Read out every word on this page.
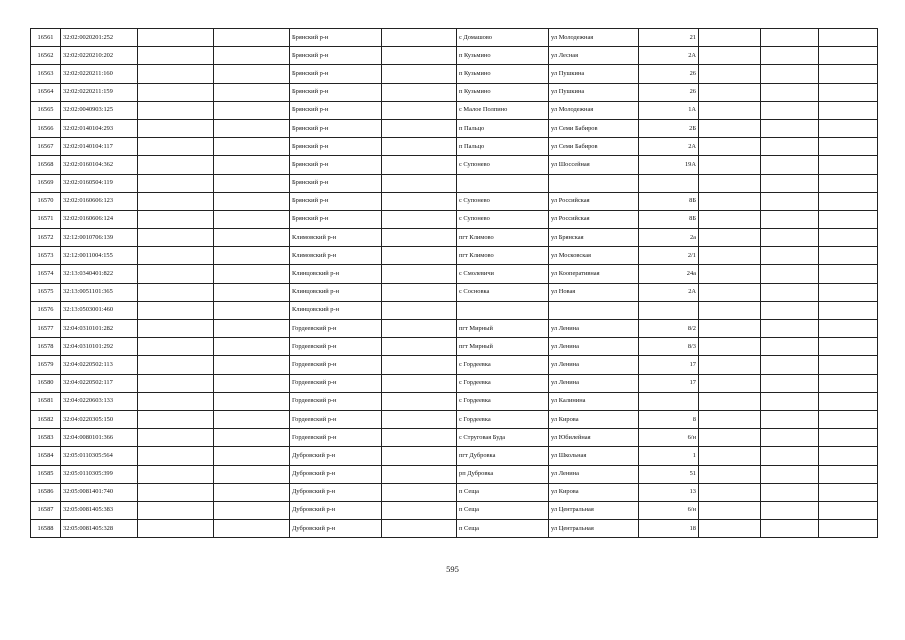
16561	32:02:0020201:252			Брянский р-н		с Домашово	ул Молодежная	21			
16562	32:02:0220210:202			Брянский р-н		п Кузьмино	ул Лесная	2А			
16563	32:02:0220211:160			Брянский р-н		п Кузьмино	ул Пушкина	26			
16564	32:02:0220211:159			Брянский р-н		п Кузьмино	ул Пушкина	26			
16565	32:02:0040903:125			Брянский р-н		с Малое Полпино	ул Молодежная	1А			
16566	32:02:0140104:293			Брянский р-н		п Пальцо	ул Семи Бабиров	2Б			
16567	32:02:0140104:117			Брянский р-н		п Пальцо	ул Семи Бабиров	2А			
16568	32:02:0160104:362			Брянский р-н		с Супонево	ул Шоссейная	19А			
16569	32:02:0160504:119			Брянский р-н							
16570	32:02:0160606:123			Брянский р-н		с Супонево	ул Российская	8Б			
16571	32:02:0160606:124			Брянский р-н		с Супонево	ул Российская	8Б			
16572	32:12:0010706:139			Климовский р-н		пгт Климово	ул Брянская	2а			
16573	32:12:0011004:155			Климовский р-н		пгт Климово	ул Московская	2/1			
16574	32:13:0340401:822			Клинцовский р-н		с Смолевичи	ул Кооперативная	24а			
16575	32:13:0051101:365			Клинцовский р-н		с Сосновка	ул Новая	2А			
16576	32:13:0503001:460			Клинцовский р-н							
16577	32:04:0310101:282			Гордеевский р-н		пгт Мирный	ул Ленина	8/2			
16578	32:04:0310101:292			Гордеевский р-н		пгт Мирный	ул Ленина	8/3			
16579	32:04:0220502:113			Гордеевский р-н		с Гордеевка	ул Ленина	17			
16580	32:04:0220502:117			Гордеевский р-н		с Гордеевка	ул Ленина	17			
16581	32:04:0220603:133			Гордеевский р-н		с Гордеевка	ул Калинина				
16582	32:04:0220305:150			Гордеевский р-н		с Гордеевка	ул Кирова	8			
16583	32:04:0080101:366			Гордеевский р-н		с Струговая Буда	ул Юбилейная	6/н			
16584	32:05:0110305:564			Дубровский р-н		пгт Дубровка	ул Школьная	1			
16585	32:05:0110305:399			Дубровский р-н		рп Дубровка	ул Ленина	51			
16586	32:05:0081401:740			Дубровский р-н		п Сеща	ул Кирова	13			
16587	32:05:0081405:383			Дубровский р-н		п Сеща	ул Центральная	6/н			
16588	32:05:0081405:328			Дубровский р-н		п Сеща	ул Центральная	18			
595
